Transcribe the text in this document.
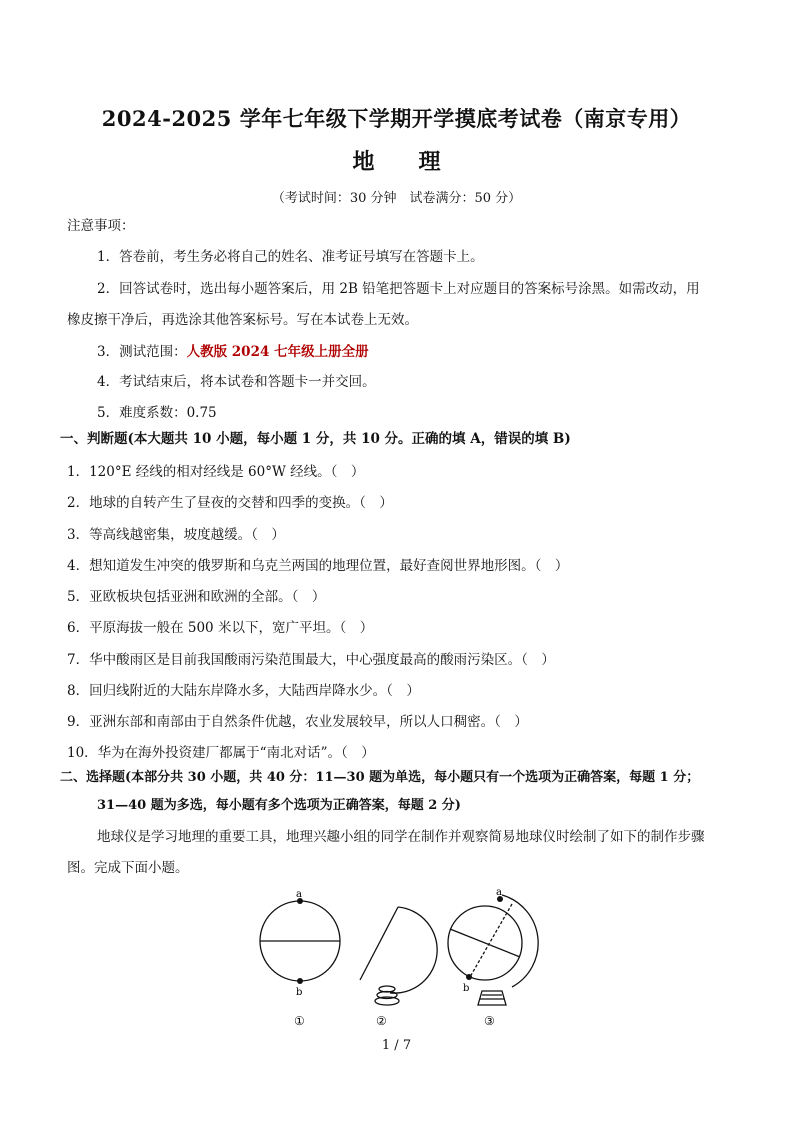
2024-2025 学年七年级下学期开学摸底考试卷（南京专用）
地 理
（考试时间：30 分钟　试卷满分：50 分）
注意事项：
1．答卷前，考生务必将自己的姓名、准考证号填写在答题卡上。
2．回答试卷时，选出每小题答案后，用 2B 铅笔把答题卡上对应题目的答案标号涂黑。如需改动，用
橡皮擦干净后，再选涂其他答案标号。写在本试卷上无效。
3．测试范围：人教版 2024 七年级上册全册
4．考试结束后，将本试卷和答题卡一并交回。
5．难度系数：0.75
一、判断题(本大题共 10 小题，每小题 1 分，共 10 分。正确的填 A，错误的填 B)
1．120°E 经线的相对经线是 60°W 经线。（　）
2．地球的自转产生了昼夜的交替和四季的变换。（　）
3．等高线越密集，坡度越缓。（　）
4．想知道发生冲突的俄罗斯和乌克兰两国的地理位置，最好查阅世界地形图。（　）
5．亚欧板块包括亚洲和欧洲的全部。（　）
6．平原海拔一般在 500 米以下，宽广平坦。（　）
7．华中酸雨区是目前我国酸雨污染范围最大，中心强度最高的酸雨污染区。（　）
8．回归线附近的大陆东岸降水多，大陆西岸降水少。（　）
9．亚洲东部和南部由于自然条件优越，农业发展较早，所以人口稠密。（　）
10．华为在海外投资建厂都属于“南北对话”。（　）
二、选择题(本部分共 30 小题，共 40 分：11—30 题为单选，每小题只有一个选项为正确答案，每题 1 分；
31—40 题为多选，每小题有多个选项为正确答案，每题 2 分)
地球仪是学习地理的重要工具，地理兴趣小组的同学在制作并观察简易地球仪时绘制了如下的制作步骤图。完成下面小题。
a
b
a
b
①	②	③
1 / 7
